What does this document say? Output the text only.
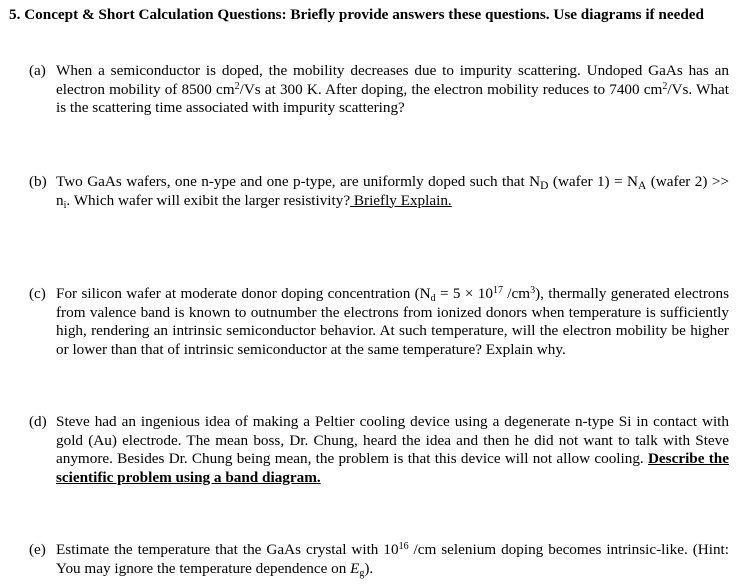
5. Concept & Short Calculation Questions: Briefly provide answers these questions. Use diagrams if needed
(a) When a semiconductor is doped, the mobility decreases due to impurity scattering. Undoped GaAs has an electron mobility of 8500 $cm^2/Vs$ at 300 K. After doping, the electron mobility reduces to 7400 $cm^2/Vs$. What is the scattering time associated with impurity scattering?
(b) Two GaAs wafers, one n-ype and one p-type, are uniformly doped such that $N_D$ (wafer $1) = N_A$ (wafer $2) >> n_i$. Which wafer will exibit the larger resistivity? Briefly Explain.
(c) For silicon wafer at moderate donor doping concentration ($N_d = 5 \times 10^{17}$ $/cm^3$), thermally generated electrons from valence band is known to outnumber the electrons from ionized donors when temperature is sufficiently high, rendering an intrinsic semiconductor behavior. At such temperature, will the electron mobility be higher or lower than that of intrinsic semiconductor at the same temperature? Explain why.
(d) Steve had an ingenious idea of making a Peltier cooling device using a degenerate n-type Si in contact with gold (Au) electrode. The mean boss, Dr. Chung, heard the idea and then he did not want to talk with Steve anymore. Besides Dr. Chung being mean, the problem is that this device will not allow cooling. Describe the scientific problem using a band diagram.
(e) Estimate the temperature that the GaAs crystal with $10^{16}$ /cm selenium doping becomes intrinsic-like. (Hint: You may ignore the temperature dependence on $E_g$).
